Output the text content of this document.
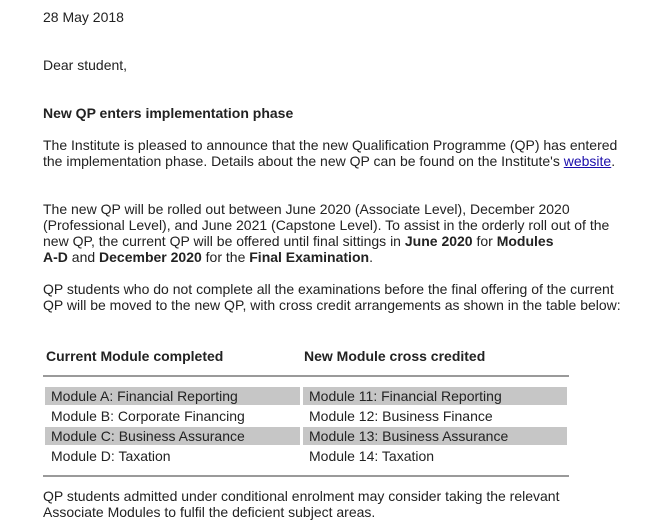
28 May 2018
Dear student,
New QP enters implementation phase
The Institute is pleased to announce that the new Qualification Programme (QP) has entered the implementation phase. Details about the new QP can be found on the Institute's website.
The new QP will be rolled out between June 2020 (Associate Level), December 2020 (Professional Level), and June 2021 (Capstone Level). To assist in the orderly roll out of the new QP, the current QP will be offered until final sittings in June 2020 for Modules
A-D and December 2020 for the Final Examination.
QP students who do not complete all the examinations before the final offering of the current QP will be moved to the new QP, with cross credit arrangements as shown in the table below:
Current Module completed	New Module cross credited
Module A: Financial Reporting	Module 11: Financial Reporting
Module B: Corporate Financing	Module 12: Business Finance
Module C: Business Assurance	Module 13: Business Assurance
Module D: Taxation	Module 14: Taxation
QP students admitted under conditional enrolment may consider taking the relevant Associate Modules to fulfil the deficient subject areas.
